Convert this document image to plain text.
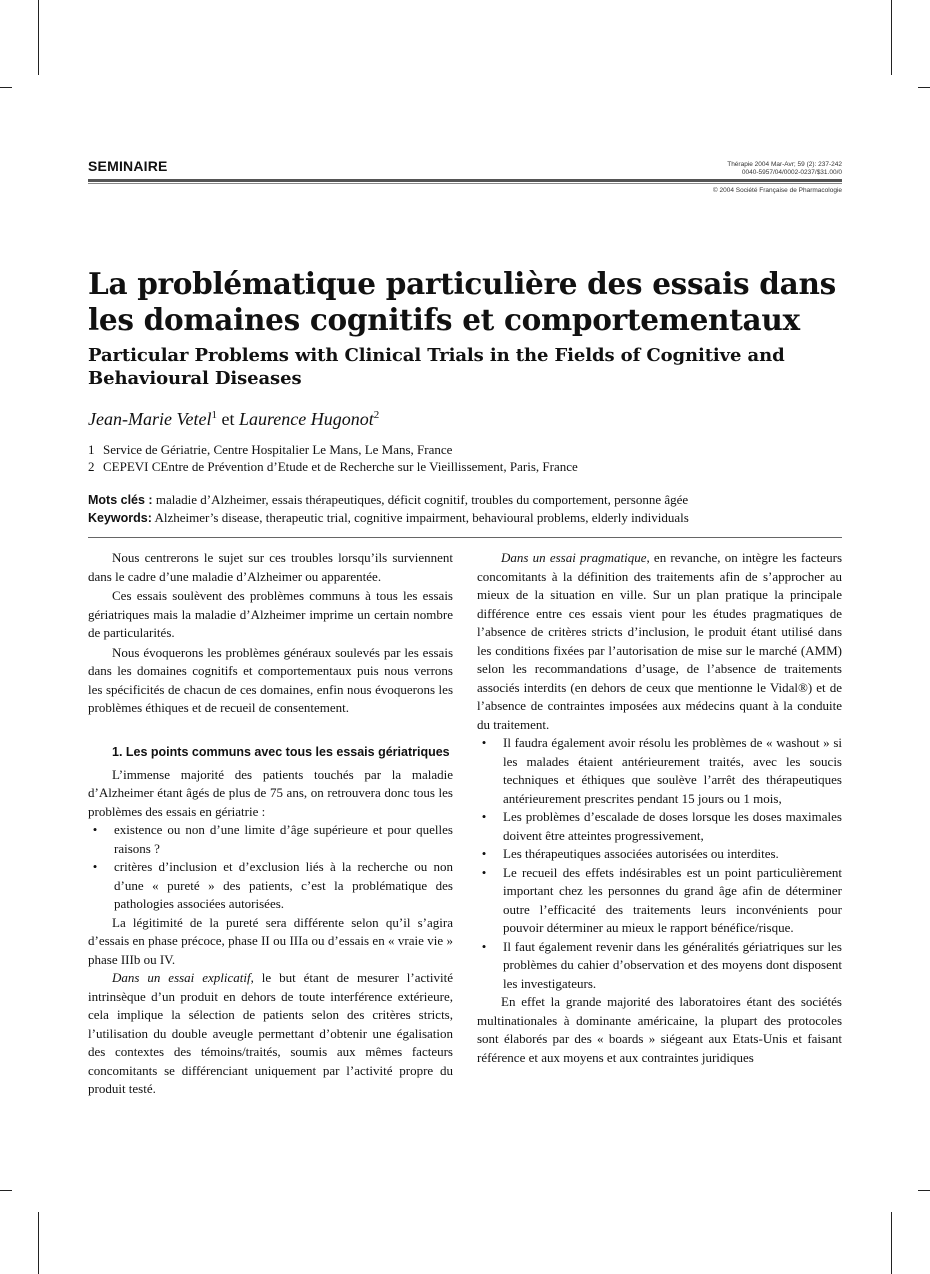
SEMINAIRE	Thérapie 2004 Mar-Avr; 59 (2): 237-242
0040-5957/04/0002-0237/$31.00/0
© 2004 Société Française de Pharmacologie
La problématique particulière des essais dans
les domaines cognitifs et comportementaux
Particular Problems with Clinical Trials in the Fields of Cognitive and
Behavioural Diseases
Jean-Marie Vetel$^1$ et Laurence Hugonot$^2$
1 Service de Gériatrie, Centre Hospitalier Le Mans, Le Mans, France
2 CEPEVI CEntre de Prévention d’Etude et de Recherche sur le Vieillissement, Paris, France
Mots clés : maladie d’Alzheimer, essais thérapeutiques, déficit cognitif, troubles du comportement, personne âgée
Keywords: Alzheimer’s disease, therapeutic trial, cognitive impairment, behavioural problems, elderly individuals

Nous centrerons le sujet sur ces troubles lorsqu’ils surviennent dans le cadre d’une maladie d’Alzheimer ou apparentée.

Ces essais soulèvent des problèmes communs à tous les essais gériatriques mais la maladie d’Alzheimer imprime un certain nombre de particularités.

Nous évoquerons les problèmes généraux soulevés par les essais dans les domaines cognitifs et comportementaux puis nous verrons les spécificités de chacun de ces domaines, enfin nous évoquerons les problèmes éthiques et de recueil de consentement.

1. Les points communs avec tous les essais gériatriques

L’immense majorité des patients touchés par la maladie d’Alzheimer étant âgés de plus de 75 ans, on retrouvera donc tous les problèmes des essais en gériatrie :

•	existence ou non d’une limite d’âge supérieure et pour quelles raisons ?
•	critères d’inclusion et d’exclusion liés à la recherche ou non d’une « pureté » des patients, c’est la problématique des pathologies associées autorisées.

La légitimité de la pureté sera différente selon qu’il s’agira d’essais en phase précoce, phase II ou IIIa ou d’essais en « vraie vie » phase IIIb ou IV.

Dans un essai explicatif, le but étant de mesurer l’activité intrinsèque d’un produit en dehors de toute interférence extérieure, cela implique la sélection de patients selon des critères stricts, l’utilisation du double aveugle permettant d’obtenir une égalisation des contextes des témoins/traités, soumis aux mêmes facteurs concomitants se différenciant uniquement par l’activité propre du produit testé.

Dans un essai pragmatique, en revanche, on intègre les facteurs concomitants à la définition des traitements afin de s’approcher au mieux de la situation en ville. Sur un plan pratique la principale différence entre ces essais vient pour les études pragmatiques de l’absence de critères stricts d’inclusion, le produit étant utilisé dans les conditions fixées par l’autorisation de mise sur le marché (AMM) selon les recommandations d’usage, de l’absence de traitements associés interdits (en dehors de ceux que mentionne le Vidal®) et de l’absence de contraintes imposées aux médecins quant à la conduite du traitement.

•	Il faudra également avoir résolu les problèmes de « washout » si les malades étaient antérieurement traités, avec les soucis techniques et éthiques que soulève l’arrêt des thérapeutiques antérieurement prescrites pendant 15 jours ou 1 mois,
•	Les problèmes d’escalade de doses lorsque les doses maximales doivent être atteintes progressivement,
•	Les thérapeutiques associées autorisées ou interdites.
•	Le recueil des effets indésirables est un point particulièrement important chez les personnes du grand âge afin de déterminer outre l’efficacité des traitements leurs inconvénients pour pouvoir déterminer au mieux le rapport bénéfice/risque.
•	Il faut également revenir dans les généralités gériatriques sur les problèmes du cahier d’observation et des moyens dont disposent les investigateurs.

En effet la grande majorité des laboratoires étant des sociétés multinationales à dominante américaine, la plupart des protocoles sont élaborés par des « boards » siégeant aux Etats-Unis et faisant référence et aux moyens et aux contraintes juridiques
